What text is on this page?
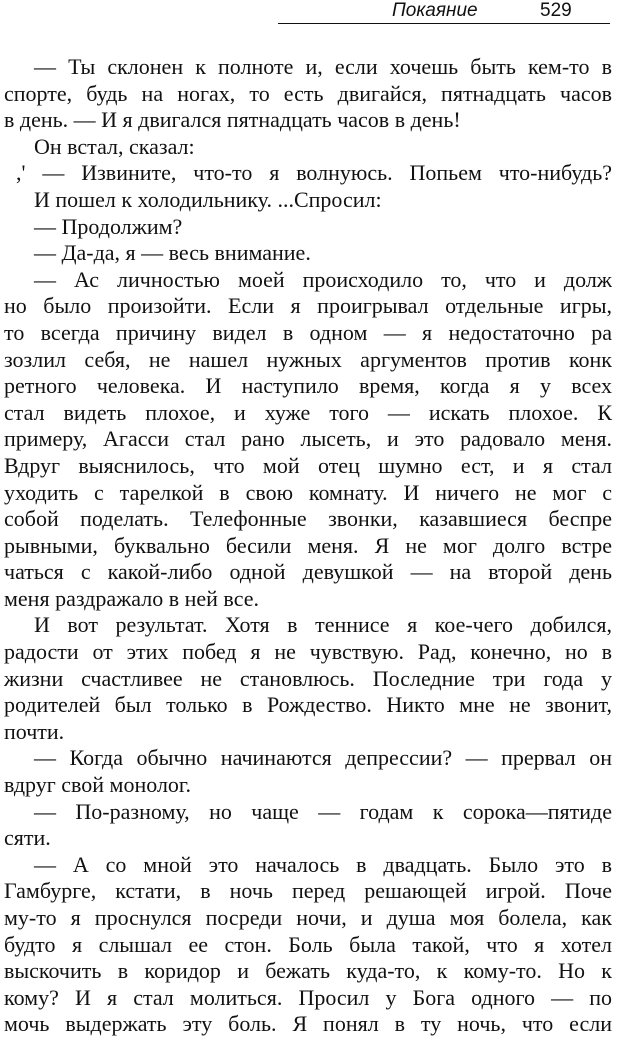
Покаяние	529
— Ты склонен к полноте и, если хочешь быть кем-то в
спорте, будь на ногах, то есть двигайся, пятнадцать часов
в день. — И я двигался пятнадцать часов в день!
Он встал, сказал:
,' — Извините, что-то я волнуюсь. Попьем что-нибудь?
И пошел к холодильнику. ...Спросил:
— Продолжим?
— Да-да, я — весь внимание.
— Ас личностью моей происходило то, что и долж
но было произойти. Если я проигрывал отдельные игры,
то всегда причину видел в одном — я недостаточно ра
зозлил себя, не нашел нужных аргументов против конк
ретного человека. И наступило время, когда я у всех
стал видеть плохое, и хуже того — искать плохое. К
примеру, Агасси стал рано лысеть, и это радовало меня.
Вдруг выяснилось, что мой отец шумно ест, и я стал
уходить с тарелкой в свою комнату. И ничего не мог с
собой поделать. Телефонные звонки, казавшиеся беспре
рывными, буквально бесили меня. Я не мог долго встре
чаться с какой-либо одной девушкой — на второй день
меня раздражало в ней все.
И вот результат. Хотя в теннисе я кое-чего добился,
радости от этих побед я не чувствую. Рад, конечно, но в
жизни счастливее не становлюсь. Последние три года у
родителей был только в Рождество. Никто мне не звонит,
почти.
— Когда обычно начинаются депрессии? — прервал он
вдруг свой монолог.
— По-разному, но чаще — годам к сорока—пятиде
сяти.
— А со мной это началось в двадцать. Было это в
Гамбурге, кстати, в ночь перед решающей игрой. Поче
му-то я проснулся посреди ночи, и душа моя болела, как
будто я слышал ее стон. Боль была такой, что я хотел
выскочить в коридор и бежать куда-то, к кому-то. Но к
кому? И я стал молиться. Просил у Бога одного — по
мочь выдержать эту боль. Я понял в ту ночь, что если
